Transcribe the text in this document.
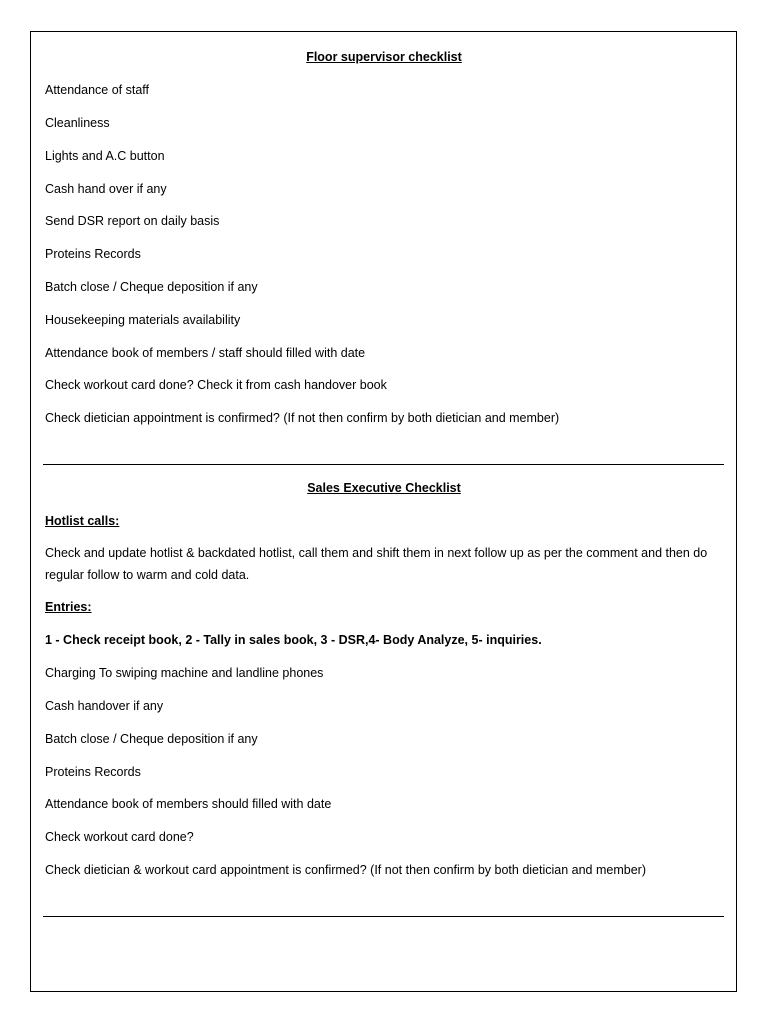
Floor supervisor checklist
Attendance of staff
Cleanliness
Lights and A.C button
Cash hand over if any
Send DSR report on daily basis
Proteins Records
Batch close / Cheque deposition if any
Housekeeping materials availability
Attendance book of members / staff should filled with date
Check workout card done? Check it from cash handover book
Check dietician appointment is confirmed? (If not then confirm by both dietician and member)
Sales Executive Checklist
Hotlist calls:
Check and update hotlist & backdated hotlist, call them and shift them in next follow up as per the comment and then do regular follow to warm and cold data.
Entries:
1 - Check receipt book, 2 - Tally in sales book, 3 - DSR,4- Body Analyze, 5- inquiries.
Charging To swiping machine and landline phones
Cash handover if any
Batch close / Cheque deposition if any
Proteins Records
Attendance book of members should filled with date
Check workout card done?
Check dietician & workout card appointment is confirmed? (If not then confirm by both dietician and member)
